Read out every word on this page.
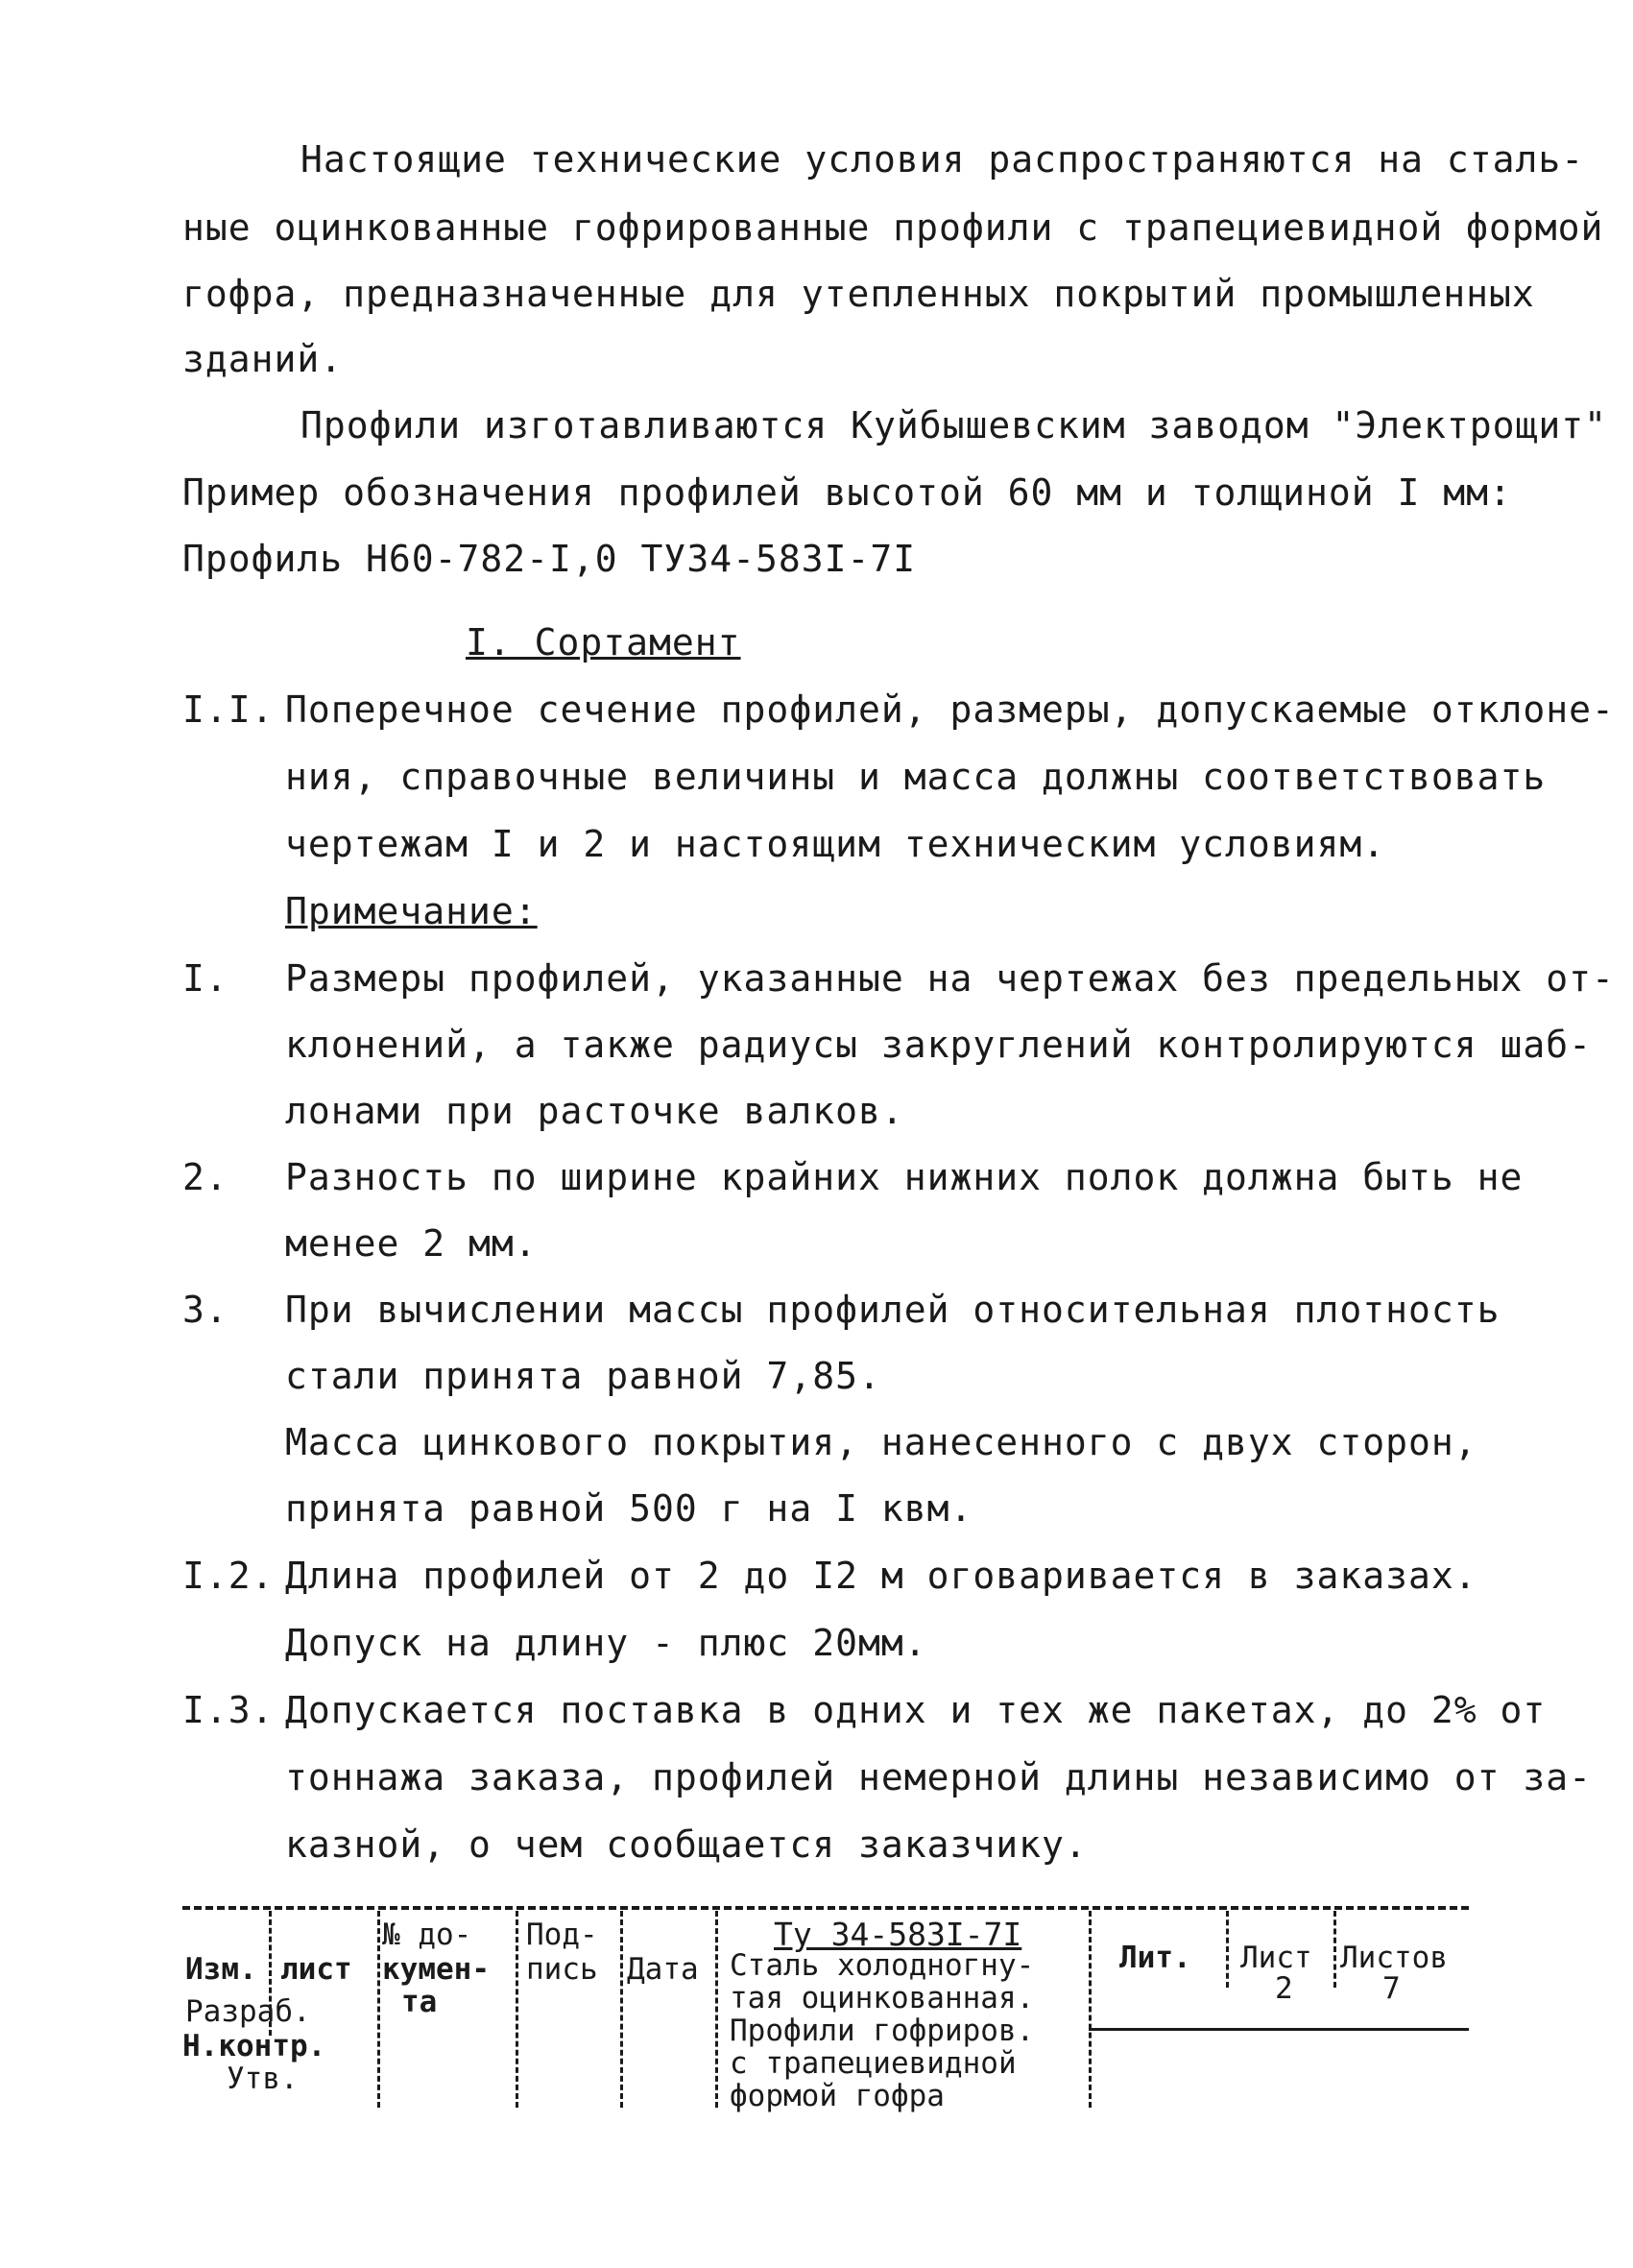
Настоящие технические условия распространяются на сталь-
ные оцинкованные гофрированные профили с трапециевидной формой
гофра, предназначенные для утепленных покрытий промышленных
зданий.
Профили изготавливаются Куйбышевским заводом "Электрощит"
Пример обозначения профилей высотой 60 мм и толщиной I мм:
Профиль Н60-782-I,0 ТУ34-583I-7I
I. Сортамент
I.I. Поперечное сечение профилей, размеры, допускаемые отклоне-
ния, справочные величины и масса должны соответствовать
чертежам I и 2 и настоящим техническим условиям.
Примечание:
I. Размеры профилей, указанные на чертежах без предельных от-
клонений, а также радиусы закруглений контролируются шаб-
лонами при расточке валков.
2. Разность по ширине крайних нижних полок должна быть не
менее 2 мм.
3. При вычислении массы профилей относительная плотность
стали принята равной 7,85.
Масса цинкового покрытия, нанесенного с двух сторон,
принята равной 500 г на I квм.
I.2. Длина профилей от 2 до I2 м оговаривается в заказах.
Допуск на длину - плюс 20мм.
I.3. Допускается поставка в одних и тех же пакетах, до 2% от
тоннажа заказа, профилей немерной длины независимо от за-
казной, о чем сообщается заказчику.
Изм. лист
№ до-
кумен-
та
Под-
пись Дата
Разраб.
Н.контр.
Утв.
Ту 34-583I-7I
Сталь холодногну-
тая оцинкованная.
Профили гофриров.
с трапециевидной
формой гофра
Лит. Лист
2
Листов
7
